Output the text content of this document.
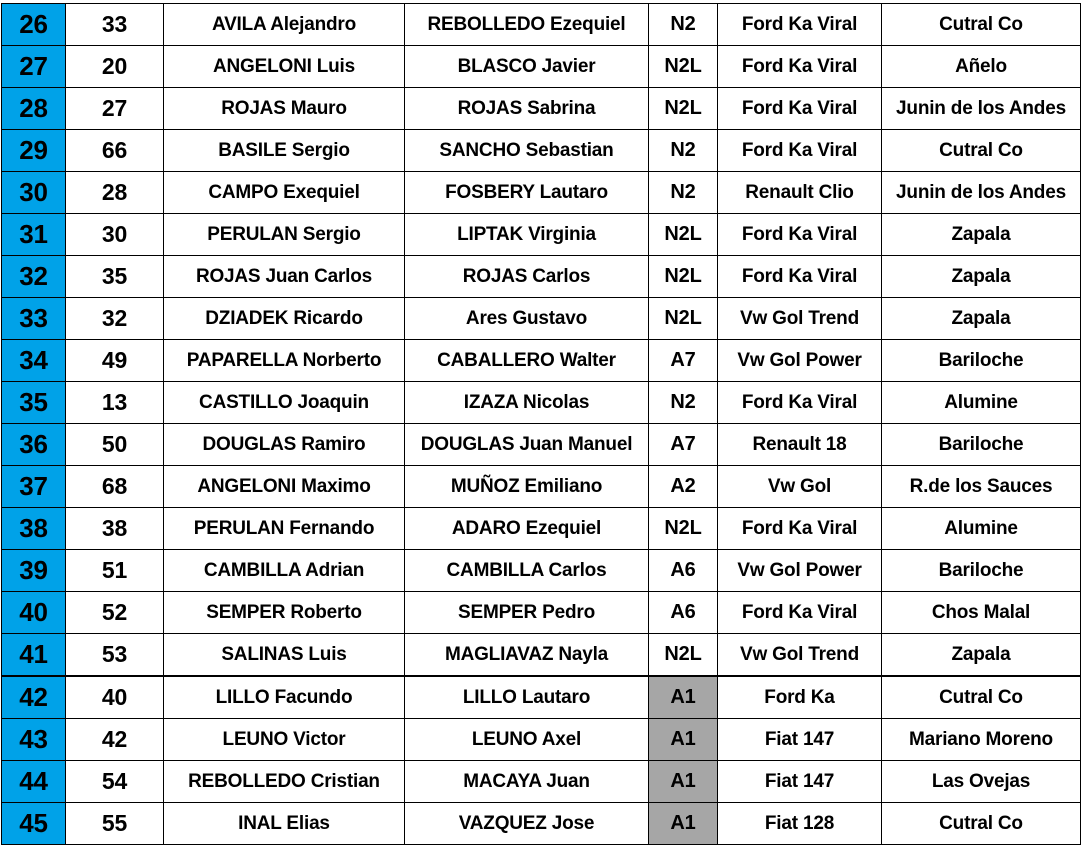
26	33	AVILA Alejandro	REBOLLEDO Ezequiel	N2	Ford Ka Viral	Cutral Co
27	20	ANGELONI Luis	BLASCO Javier	N2L	Ford Ka Viral	Añelo
28	27	ROJAS Mauro	ROJAS Sabrina	N2L	Ford Ka Viral	Junin de los Andes
29	66	BASILE Sergio	SANCHO Sebastian	N2	Ford Ka Viral	Cutral Co
30	28	CAMPO Exequiel	FOSBERY Lautaro	N2	Renault Clio	Junin de los Andes
31	30	PERULAN Sergio	LIPTAK Virginia	N2L	Ford Ka Viral	Zapala
32	35	ROJAS Juan Carlos	ROJAS Carlos	N2L	Ford Ka Viral	Zapala
33	32	DZIADEK Ricardo	Ares Gustavo	N2L	Vw Gol Trend	Zapala
34	49	PAPARELLA Norberto	CABALLERO Walter	A7	Vw Gol Power	Bariloche
35	13	CASTILLO Joaquin	IZAZA Nicolas	N2	Ford Ka Viral	Alumine
36	50	DOUGLAS Ramiro	DOUGLAS Juan Manuel	A7	Renault 18	Bariloche
37	68	ANGELONI Maximo	MUÑOZ Emiliano	A2	Vw Gol	R.de los Sauces
38	38	PERULAN Fernando	ADARO Ezequiel	N2L	Ford Ka Viral	Alumine
39	51	CAMBILLA Adrian	CAMBILLA Carlos	A6	Vw Gol Power	Bariloche
40	52	SEMPER Roberto	SEMPER Pedro	A6	Ford Ka Viral	Chos Malal
41	53	SALINAS Luis	MAGLIAVAZ Nayla	N2L	Vw Gol Trend	Zapala
42	40	LILLO Facundo	LILLO Lautaro	A1	Ford Ka	Cutral Co
43	42	LEUNO Victor	LEUNO Axel	A1	Fiat 147	Mariano Moreno
44	54	REBOLLEDO Cristian	MACAYA Juan	A1	Fiat 147	Las Ovejas
45	55	INAL Elias	VAZQUEZ Jose	A1	Fiat 128	Cutral Co
